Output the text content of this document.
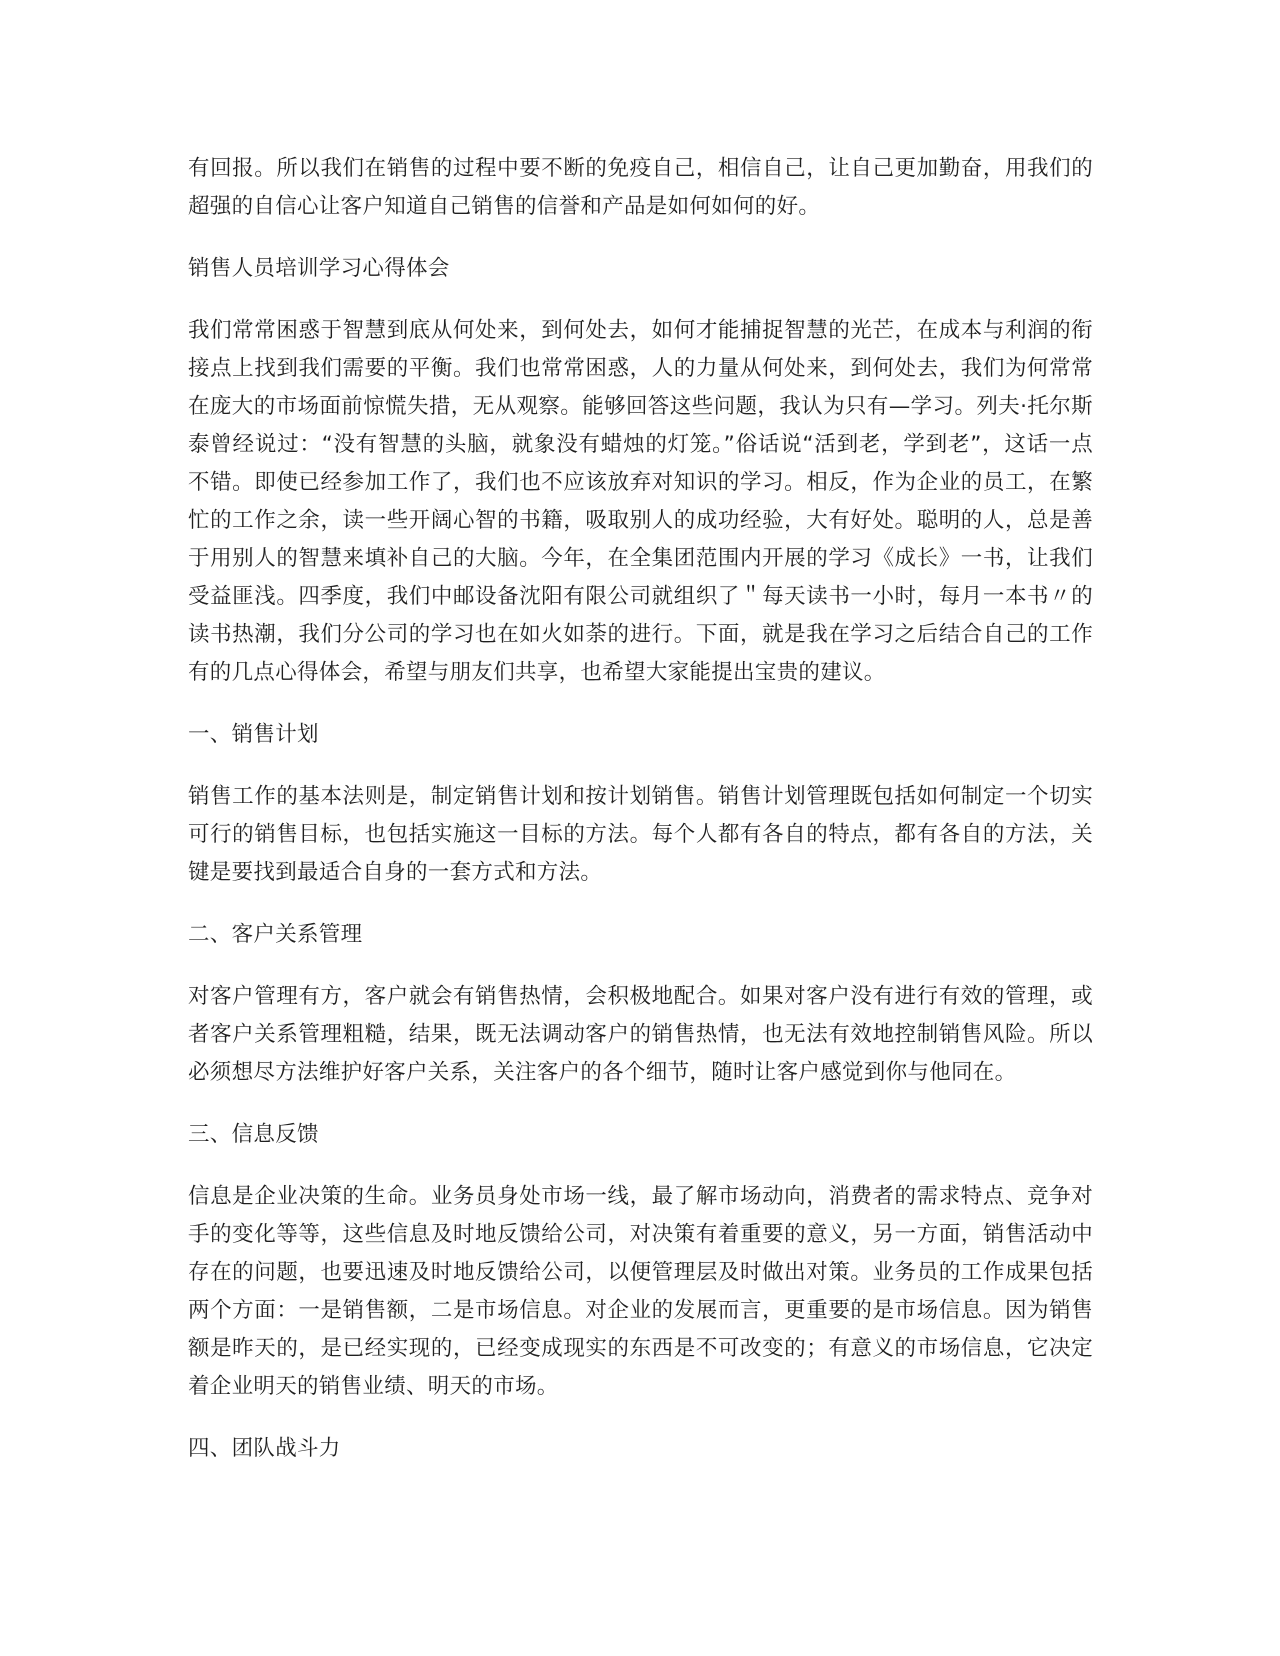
有回报。所以我们在销售的过程中要不断的免疫自己，相信自己，让自己更加勤奋，用我们的超强的自信心让客户知道自己销售的信誉和产品是如何如何的好。

销售人员培训学习心得体会

我们常常困惑于智慧到底从何处来，到何处去，如何才能捕捉智慧的光芒，在成本与利润的衔接点上找到我们需要的平衡。我们也常常困惑，人的力量从何处来，到何处去，我们为何常常在庞大的市场面前惊慌失措，无从观察。能够回答这些问题，我认为只有—学习。列夫·托尔斯泰曾经说过：“没有智慧的头脑，就象没有蜡烛的灯笼。”俗话说“活到老，学到老”，这话一点不错。即使已经参加工作了，我们也不应该放弃对知识的学习。相反，作为企业的员工，在繁忙的工作之余，读一些开阔心智的书籍，吸取别人的成功经验，大有好处。聪明的人，总是善于用别人的智慧来填补自己的大脑。今年，在全集团范围内开展的学习《成长》一书，让我们受益匪浅。四季度，我们中邮设备沈阳有限公司就组织了＂每天读书一小时，每月一本书〃的读书热潮，我们分公司的学习也在如火如荼的进行。下面，就是我在学习之后结合自己的工作有的几点心得体会，希望与朋友们共享，也希望大家能提出宝贵的建议。

一、销售计划

销售工作的基本法则是，制定销售计划和按计划销售。销售计划管理既包括如何制定一个切实可行的销售目标，也包括实施这一目标的方法。每个人都有各自的特点，都有各自的方法，关键是要找到最适合自身的一套方式和方法。

二、客户关系管理

对客户管理有方，客户就会有销售热情，会积极地配合。如果对客户没有进行有效的管理，或者客户关系管理粗糙，结果，既无法调动客户的销售热情，也无法有效地控制销售风险。所以必须想尽方法维护好客户关系，关注客户的各个细节，随时让客户感觉到你与他同在。

三、信息反馈

信息是企业决策的生命。业务员身处市场一线，最了解市场动向，消费者的需求特点、竞争对手的变化等等，这些信息及时地反馈给公司，对决策有着重要的意义，另一方面，销售活动中存在的问题，也要迅速及时地反馈给公司，以便管理层及时做出对策。业务员的工作成果包括两个方面：一是销售额，二是市场信息。对企业的发展而言，更重要的是市场信息。因为销售额是昨天的，是已经实现的，已经变成现实的东西是不可改变的；有意义的市场信息，它决定着企业明天的销售业绩、明天的市场。

四、团队战斗力
